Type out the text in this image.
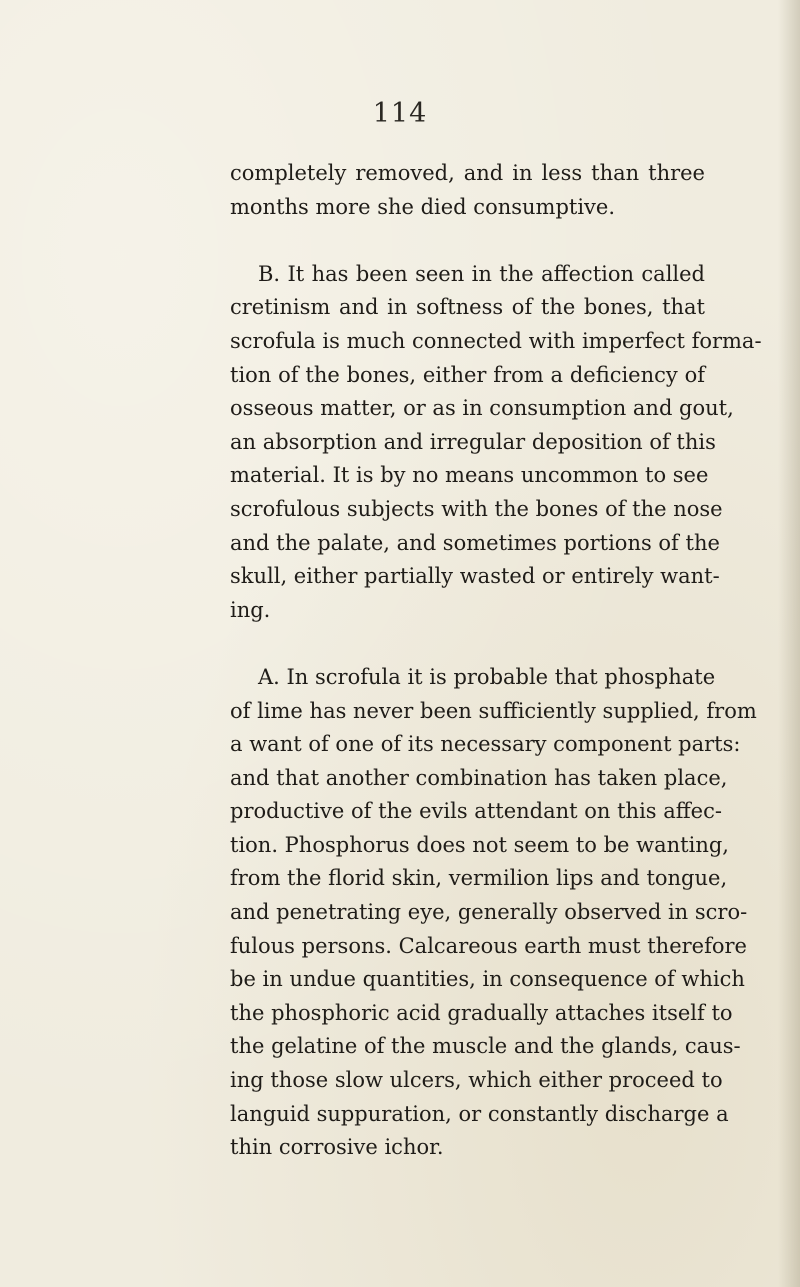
114
completely removed, and in less than three
months more she died consumptive.
B. It has been seen in the affection called
cretinism and in softness of the bones, that
scrofula is much connected with imperfect forma-
tion of the bones, either from a deficiency of
osseous matter, or as in consumption and gout,
an absorption and irregular deposition of this
material. It is by no means uncommon to see
scrofulous subjects with the bones of the nose
and the palate, and sometimes portions of the
skull, either partially wasted or entirely want-
ing.
A. In scrofula it is probable that phosphate
of lime has never been sufficiently supplied, from
a want of one of its necessary component parts:
and that another combination has taken place,
productive of the evils attendant on this affec-
tion. Phosphorus does not seem to be wanting,
from the florid skin, vermilion lips and tongue,
and penetrating eye, generally observed in scro-
fulous persons. Calcareous earth must therefore
be in undue quantities, in consequence of which
the phosphoric acid gradually attaches itself to
the gelatine of the muscle and the glands, caus-
ing those slow ulcers, which either proceed to
languid suppuration, or constantly discharge a
thin corrosive ichor.
